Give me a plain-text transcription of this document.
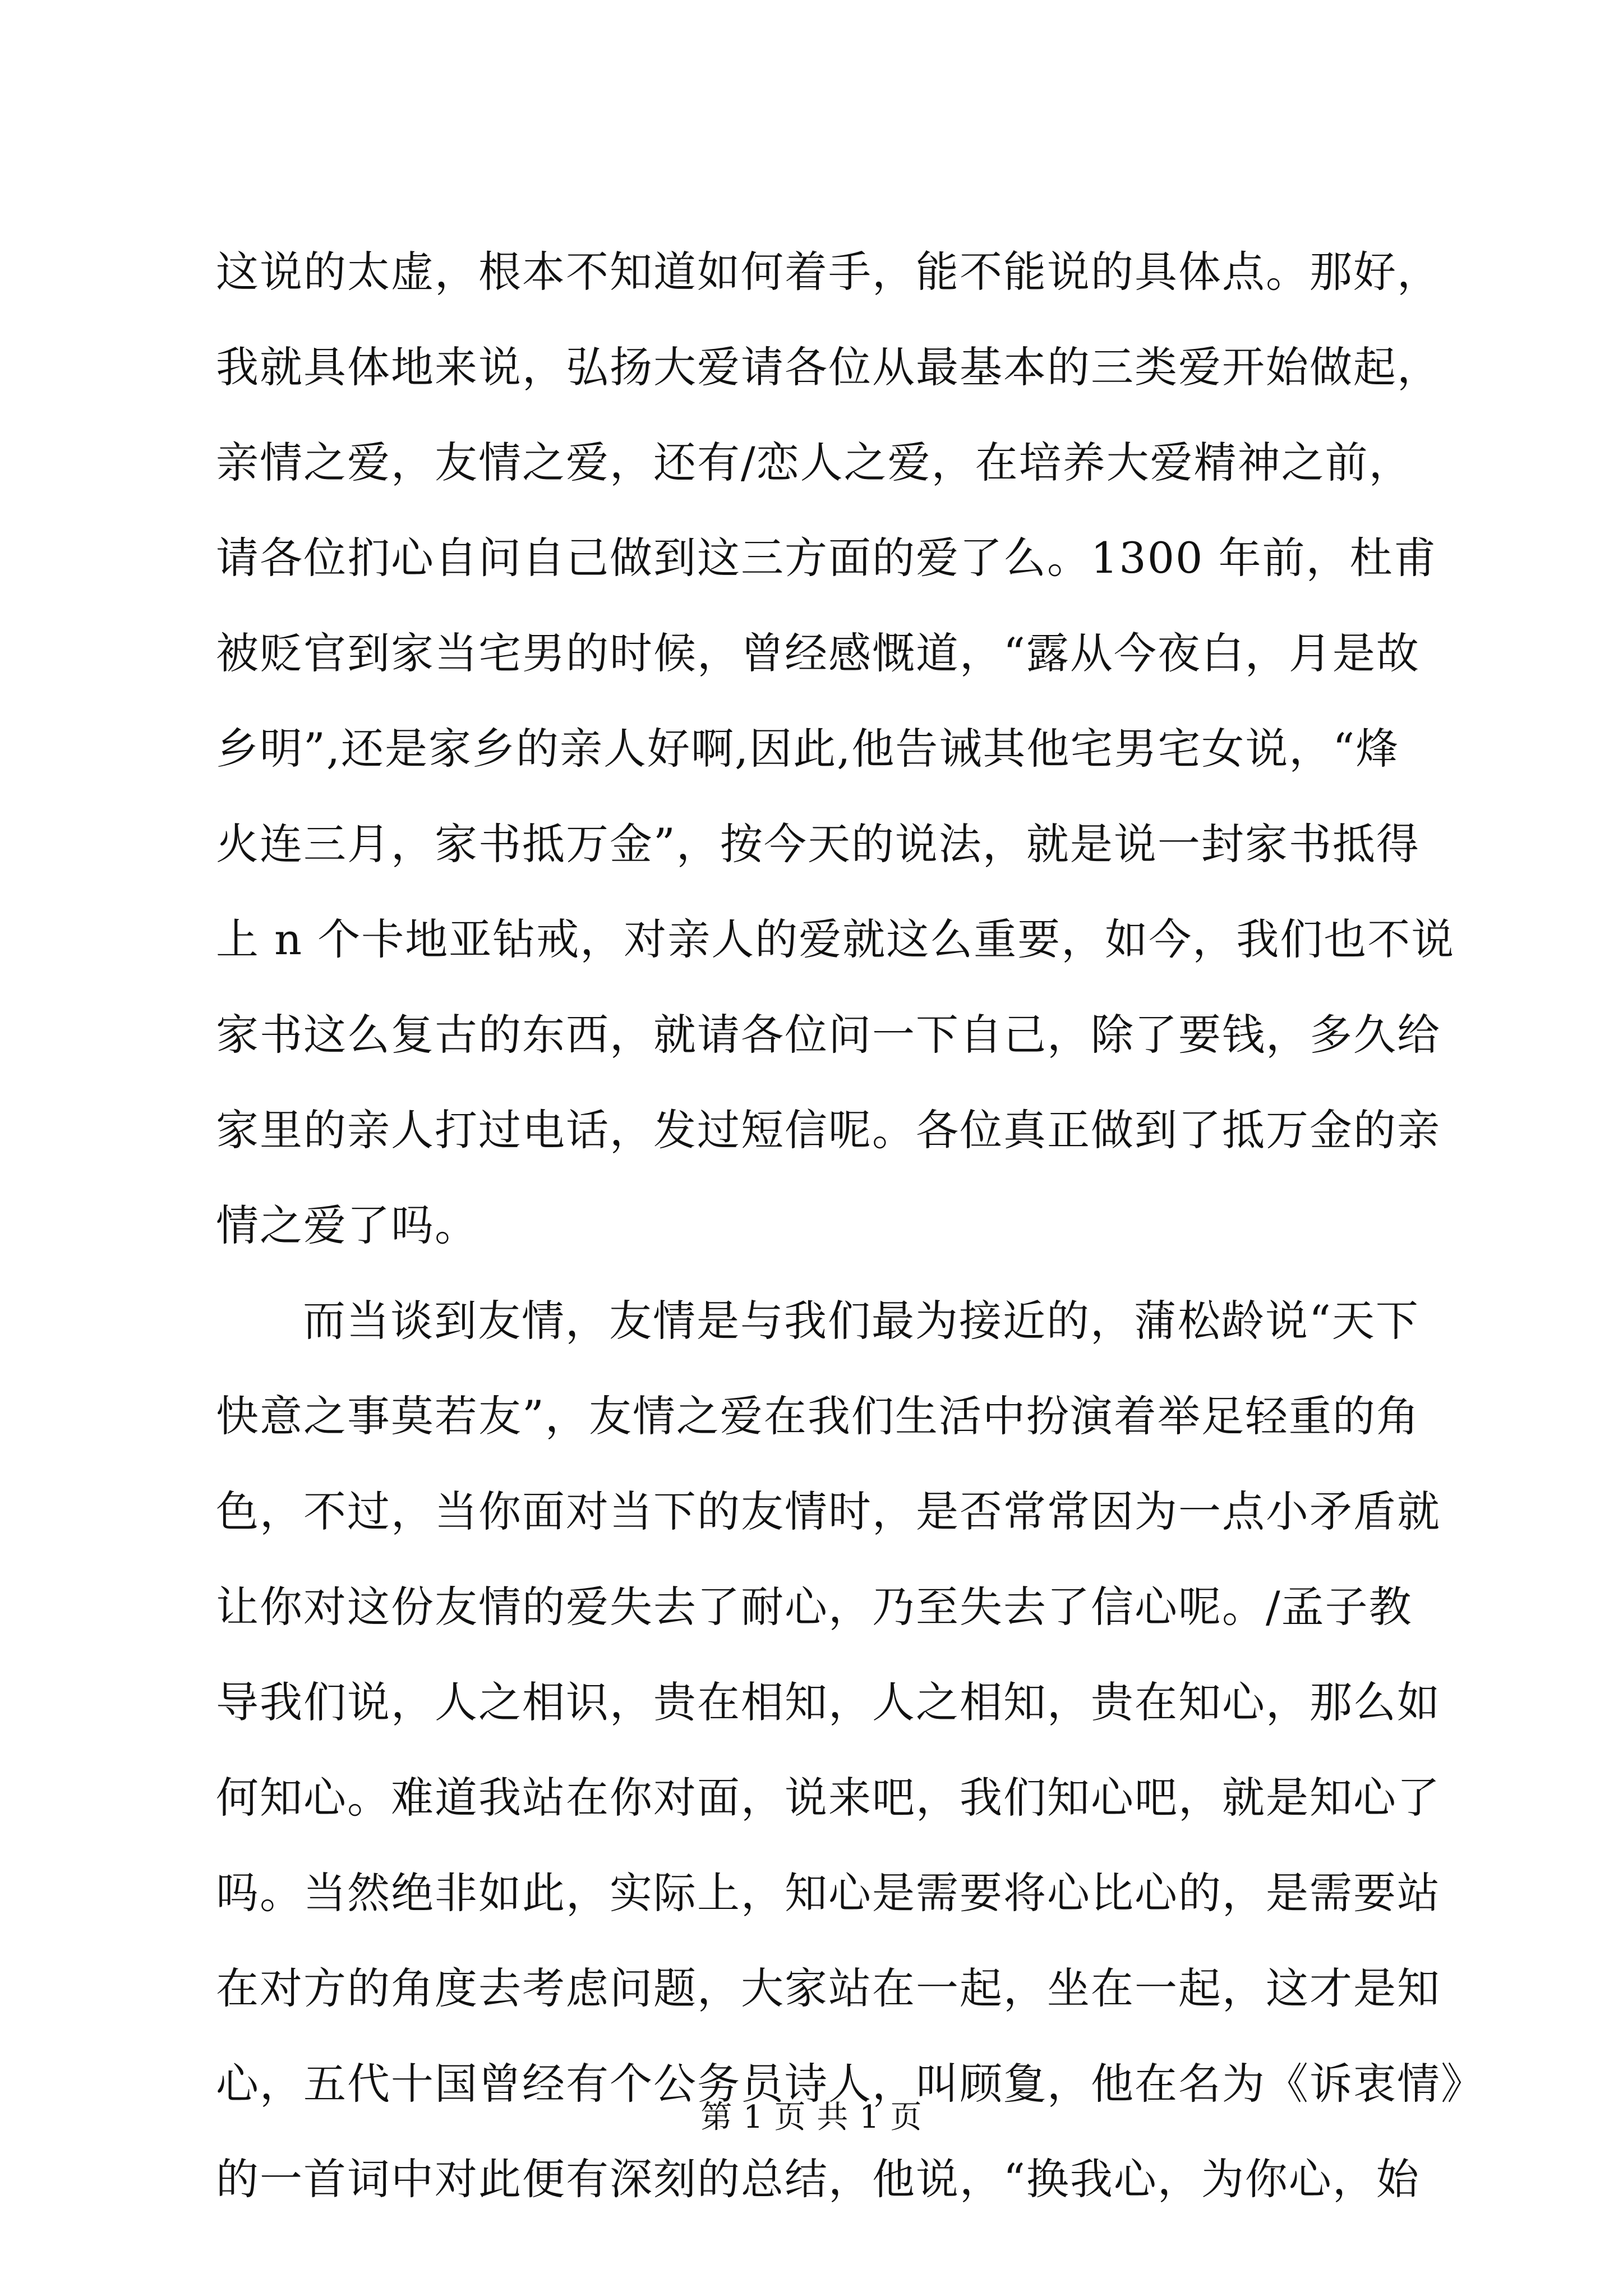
这说的太虚，根本不知道如何着手，能不能说的具体点。那好，
我就具体地来说，弘扬大爱请各位从最基本的三类爱开始做起，
亲情之爱，友情之爱，还有/恋人之爱，在培养大爱精神之前，
请各位扪心自问自己做到这三方面的爱了么。1300 年前，杜甫
被贬官到家当宅男的时候，曾经感慨道，“露从今夜白，月是故
乡明”,还是家乡的亲人好啊,因此,他告诫其他宅男宅女说，“烽
火连三月，家书抵万金”，按今天的说法，就是说一封家书抵得
上 n 个卡地亚钻戒，对亲人的爱就这么重要，如今，我们也不说
家书这么复古的东西，就请各位问一下自己，除了要钱，多久给
家里的亲人打过电话，发过短信呢。各位真正做到了抵万金的亲
情之爱了吗。
而当谈到友情，友情是与我们最为接近的，蒲松龄说“天下
快意之事莫若友”，友情之爱在我们生活中扮演着举足轻重的角
色，不过，当你面对当下的友情时，是否常常因为一点小矛盾就
让你对这份友情的爱失去了耐心，乃至失去了信心呢。/孟子教
导我们说，人之相识，贵在相知，人之相知，贵在知心，那么如
何知心。难道我站在你对面，说来吧，我们知心吧，就是知心了
吗。当然绝非如此，实际上，知心是需要将心比心的，是需要站
在对方的角度去考虑问题，大家站在一起，坐在一起，这才是知
心，五代十国曾经有个公务员诗人，叫顾夐，他在名为《诉衷情》
的一首词中对此便有深刻的总结，他说，“换我心，为你心，始
第 1 页 共 1 页
